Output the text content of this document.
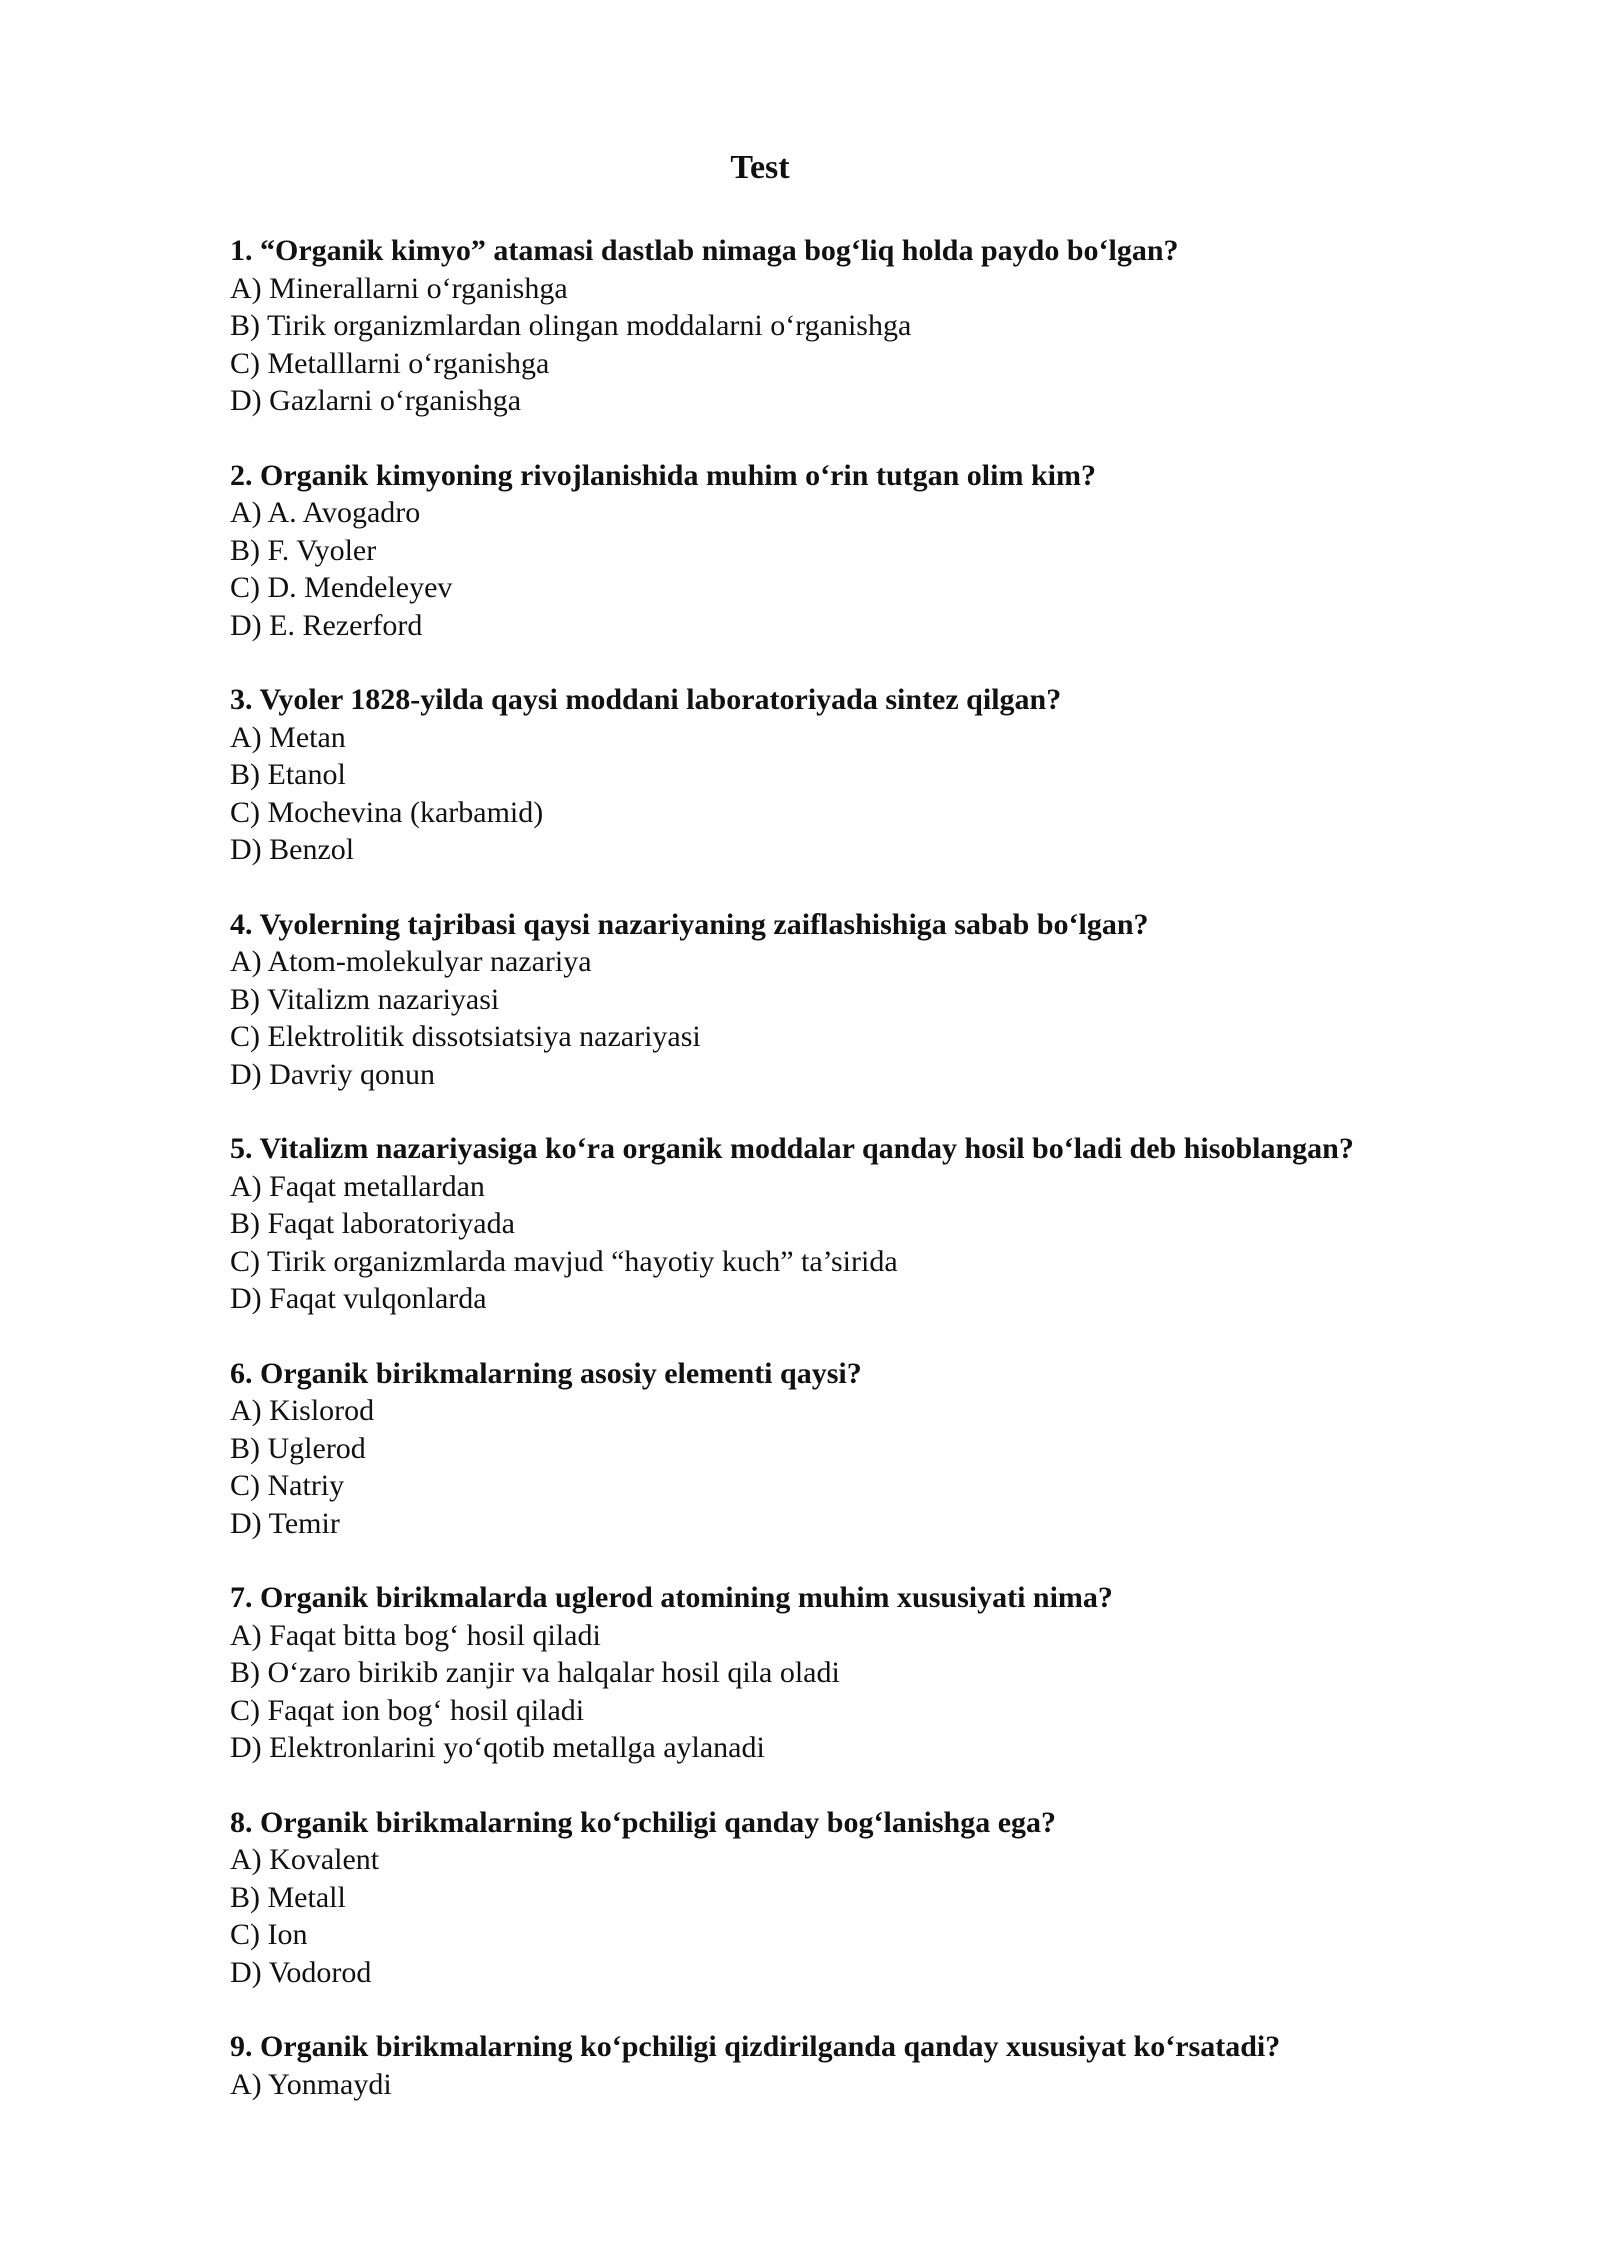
Test
1. “Organik kimyo” atamasi dastlab nimaga bog‘liq holda paydo bo‘lgan?
A) Minerallarni o‘rganishga
B) Tirik organizmlardan olingan moddalarni o‘rganishga
C) Metalllarni o‘rganishga
D) Gazlarni o‘rganishga
2. Organik kimyoning rivojlanishida muhim o‘rin tutgan olim kim?
A) A. Avogadro
B) F. Vyoler
C) D. Mendeleyev
D) E. Rezerford
3. Vyoler 1828-yilda qaysi moddani laboratoriyada sintez qilgan?
A) Metan
B) Etanol
C) Mochevina (karbamid)
D) Benzol
4. Vyolerning tajribasi qaysi nazariyaning zaiflashishiga sabab bo‘lgan?
A) Atom-molekulyar nazariya
B) Vitalizm nazariyasi
C) Elektrolitik dissotsiatsiya nazariyasi
D) Davriy qonun
5. Vitalizm nazariyasiga ko‘ra organik moddalar qanday hosil bo‘ladi deb hisoblangan?
A) Faqat metallardan
B) Faqat laboratoriyada
C) Tirik organizmlarda mavjud “hayotiy kuch” ta’sirida
D) Faqat vulqonlarda
6. Organik birikmalarning asosiy elementi qaysi?
A) Kislorod
B) Uglerod
C) Natriy
D) Temir
7. Organik birikmalarda uglerod atomining muhim xususiyati nima?
A) Faqat bitta bog‘ hosil qiladi
B) O‘zaro birikib zanjir va halqalar hosil qila oladi
C) Faqat ion bog‘ hosil qiladi
D) Elektronlarini yo‘qotib metallga aylanadi
8. Organik birikmalarning ko‘pchiligi qanday bog‘lanishga ega?
A) Kovalent
B) Metall
C) Ion
D) Vodorod
9. Organik birikmalarning ko‘pchiligi qizdirilganda qanday xususiyat ko‘rsatadi?
A) Yonmaydi
